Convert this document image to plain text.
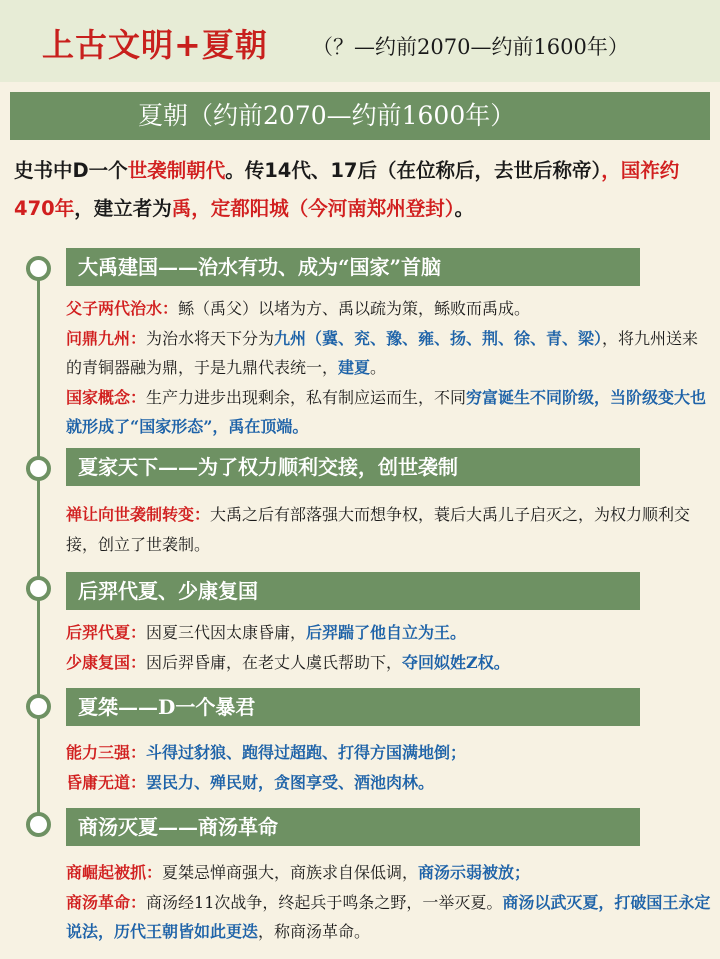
上古文明+夏朝 （？—约前2070—约前1600年）
夏朝（约前2070—约前1600年）
史书中D一个世袭制朝代。传14代、17后（在位称后，去世后称帝），国祚约470年，建立者为禹，定都阳城（今河南郑州登封）。
大禹建国——治水有功、成为“国家”首脑
父子两代治水：鲧（禹父）以堵为方、禹以疏为策，鲧败而禹成。
问鼎九州：为治水将天下分为九州（冀、兖、豫、雍、扬、荆、徐、青、梁），将九州送来的青铜器融为鼎，于是九鼎代表统一，建夏。
国家概念：生产力进步出现剩余，私有制应运而生，不同穷富诞生不同阶级，当阶级变大也就形成了“国家形态”，禹在顶端。
夏家天下——为了权力顺利交接，创世袭制
禅让向世袭制转变：大禹之后有部落强大而想争权，蓑后大禹儿子启灭之，为权力顺利交接，创立了世袭制。
后羿代夏、少康复国
后羿代夏：因夏三代因太康昏庸，后羿踹了他自立为王。
少康复国：因后羿昏庸，在老丈人虞氏帮助下，夺回姒姓Z权。
夏桀——D一个暴君
能力三强：斗得过豺狼、跑得过超跑、打得方国满地倒；
昏庸无道：罢民力、殚民财，贪图享受、酒池肉林。
商汤灭夏——商汤革命
商崛起被抓：夏桀忌惮商强大，商族求自保低调，商汤示弱被放；
商汤革命：商汤经11次战争，终起兵于鸣条之野，一举灭夏。商汤以武灭夏，打破国王永定说法，历代王朝皆如此更迭，称商汤革命。
